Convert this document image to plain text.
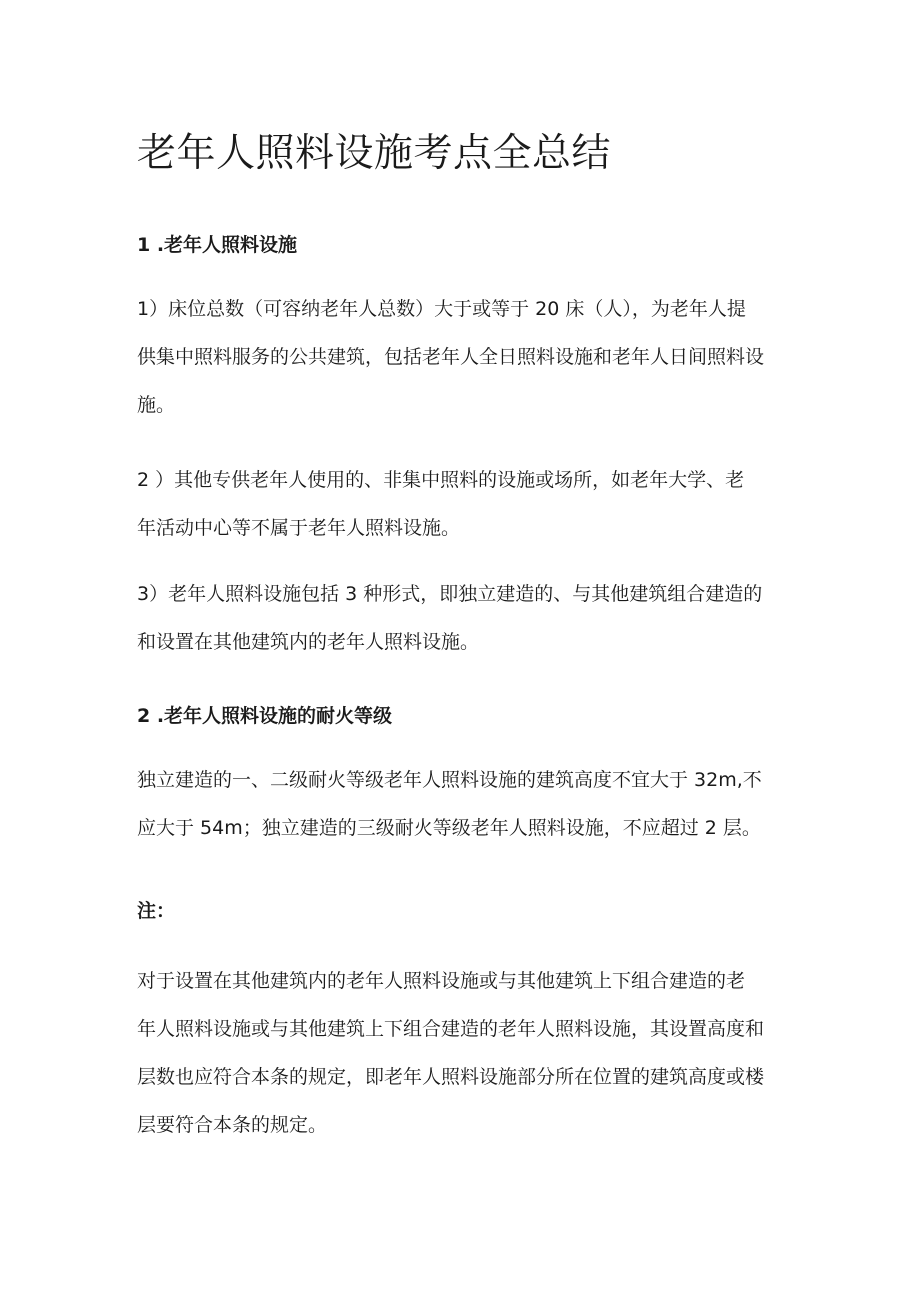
老年人照料设施考点全总结
1 .老年人照料设施

1）床位总数（可容纳老年人总数）大于或等于 20 床（人），为老年人提
供集中照料服务的公共建筑，包括老年人全日照料设施和老年人日间照料设
施。

2 ）其他专供老年人使用的、非集中照料的设施或场所，如老年大学、老
年活动中心等不属于老年人照料设施。

3）老年人照料设施包括 3 种形式，即独立建造的、与其他建筑组合建造的
和设置在其他建筑内的老年人照料设施。

2 .老年人照料设施的耐火等级

独立建造的一、二级耐火等级老年人照料设施的建筑高度不宜大于 32m,不
应大于 54m；独立建造的三级耐火等级老年人照料设施，不应超过 2 层。

注：

对于设置在其他建筑内的老年人照料设施或与其他建筑上下组合建造的老
年人照料设施或与其他建筑上下组合建造的老年人照料设施，其设置高度和
层数也应符合本条的规定，即老年人照料设施部分所在位置的建筑高度或楼
层要符合本条的规定。
